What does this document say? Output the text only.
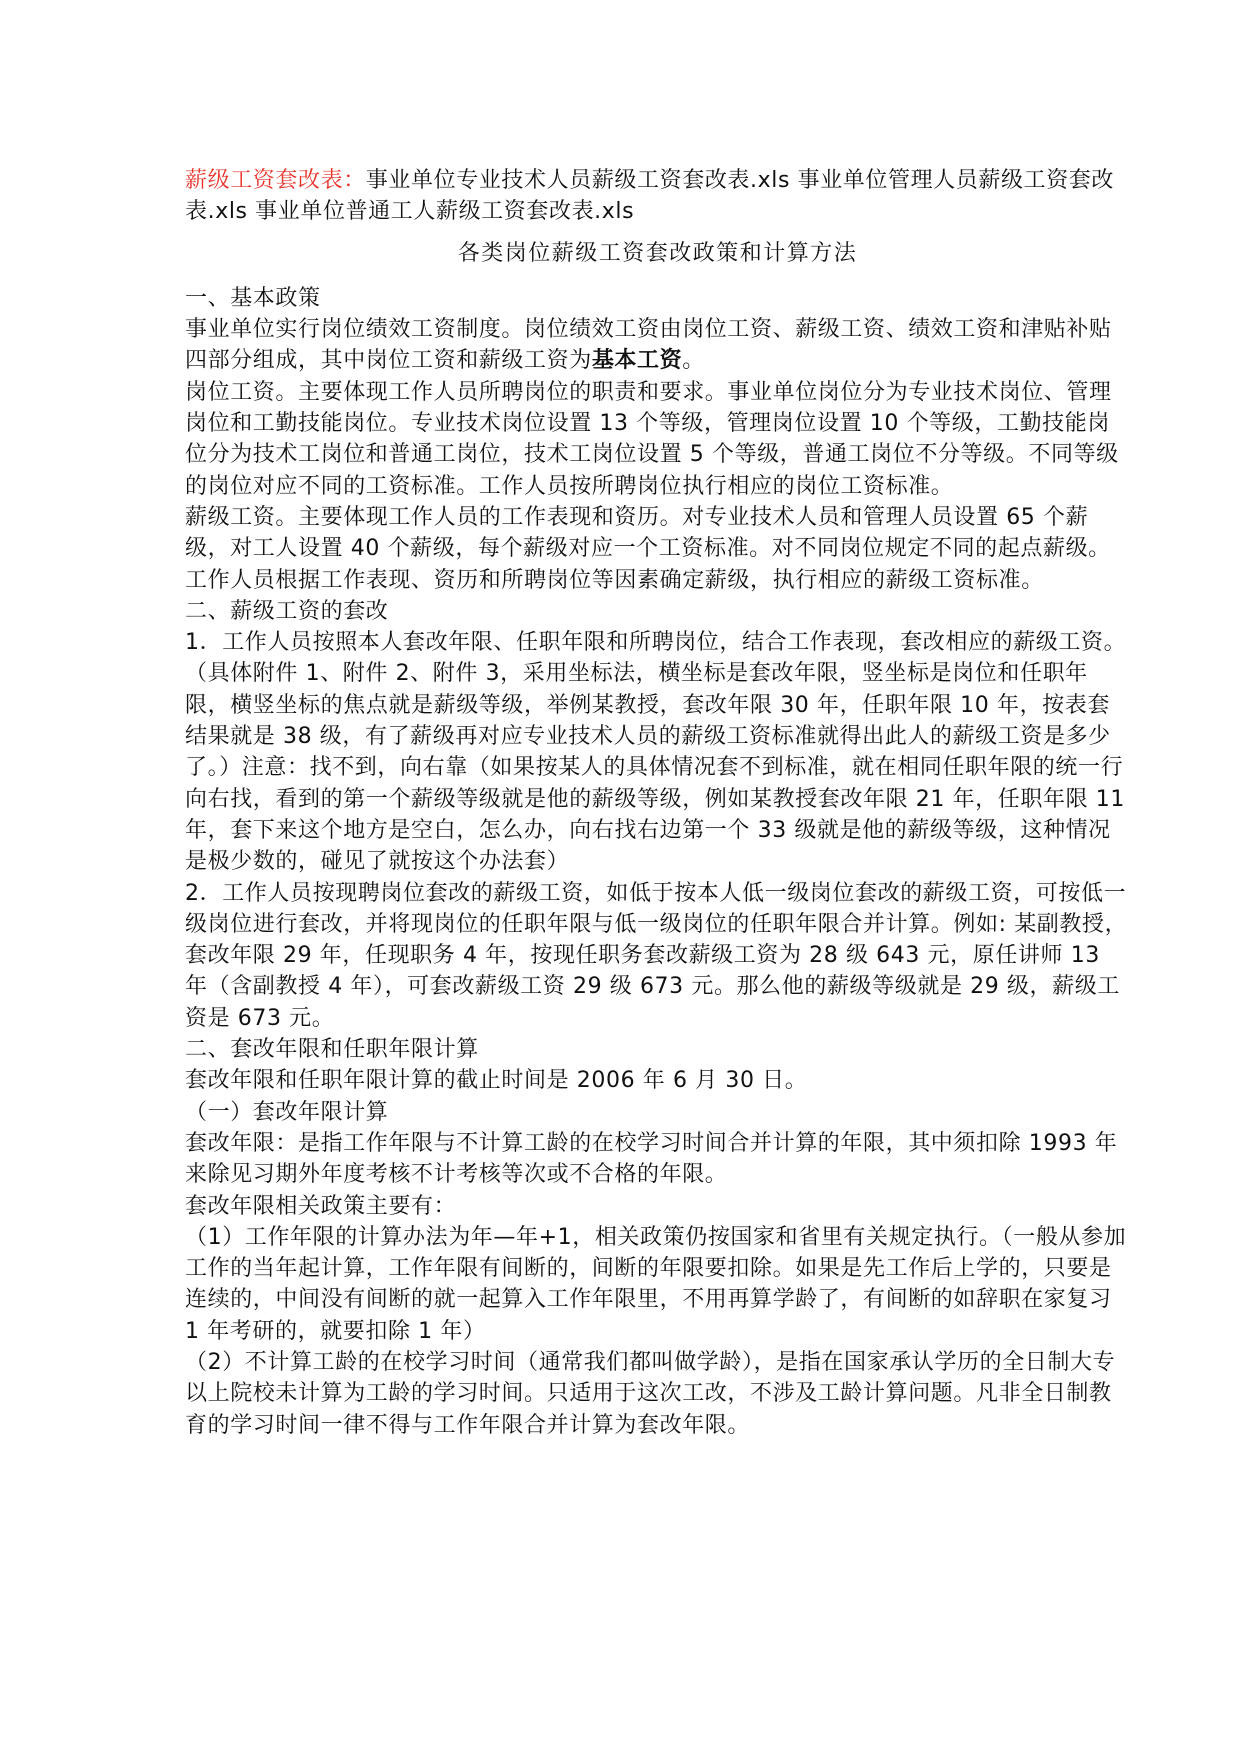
薪级工资套改表：事业单位专业技术人员薪级工资套改表.xls 事业单位管理人员薪级工资套改表.xls 事业单位普通工人薪级工资套改表.xls

各类岗位薪级工资套改政策和计算方法

一、基本政策

事业单位实行岗位绩效工资制度。岗位绩效工资由岗位工资、薪级工资、绩效工资和津贴补贴四部分组成，其中岗位工资和薪级工资为基本工资。

岗位工资。主要体现工作人员所聘岗位的职责和要求。事业单位岗位分为专业技术岗位、管理岗位和工勤技能岗位。专业技术岗位设置 13 个等级，管理岗位设置 10 个等级，工勤技能岗位分为技术工岗位和普通工岗位，技术工岗位设置 5 个等级，普通工岗位不分等级。不同等级的岗位对应不同的工资标准。工作人员按所聘岗位执行相应的岗位工资标准。

薪级工资。主要体现工作人员的工作表现和资历。对专业技术人员和管理人员设置 65 个薪级，对工人设置 40 个薪级，每个薪级对应一个工资标准。对不同岗位规定不同的起点薪级。工作人员根据工作表现、资历和所聘岗位等因素确定薪级，执行相应的薪级工资标准。

二、薪级工资的套改

1．工作人员按照本人套改年限、任职年限和所聘岗位，结合工作表现，套改相应的薪级工资。

（具体附件 1、附件 2、附件 3，采用坐标法，横坐标是套改年限，竖坐标是岗位和任职年限，横竖坐标的焦点就是薪级等级，举例某教授，套改年限 30 年，任职年限 10 年，按表套结果就是 38 级，有了薪级再对应专业技术人员的薪级工资标准就得出此人的薪级工资是多少了。）注意：找不到，向右靠（如果按某人的具体情况套不到标准，就在相同任职年限的统一行向右找，看到的第一个薪级等级就是他的薪级等级，例如某教授套改年限 21 年，任职年限 11 年，套下来这个地方是空白，怎么办，向右找右边第一个 33 级就是他的薪级等级，这种情况是极少数的，碰见了就按这个办法套）

2．工作人员按现聘岗位套改的薪级工资，如低于按本人低一级岗位套改的薪级工资，可按低一级岗位进行套改，并将现岗位的任职年限与低一级岗位的任职年限合并计算。例如: 某副教授，套改年限 29 年，任现职务 4 年，按现任职务套改薪级工资为 28 级 643 元，原任讲师 13 年（含副教授 4 年），可套改薪级工资 29 级 673 元。那么他的薪级等级就是 29 级，薪级工资是 673 元。

二、套改年限和任职年限计算

套改年限和任职年限计算的截止时间是 2006 年 6 月 30 日。

（一）套改年限计算

套改年限：是指工作年限与不计算工龄的在校学习时间合并计算的年限，其中须扣除 1993 年来除见习期外年度考核不计考核等次或不合格的年限。

套改年限相关政策主要有：

（1）工作年限的计算办法为年—年+1，相关政策仍按国家和省里有关规定执行。（一般从参加工作的当年起计算，工作年限有间断的，间断的年限要扣除。如果是先工作后上学的，只要是连续的，中间没有间断的就一起算入工作年限里，不用再算学龄了，有间断的如辞职在家复习 1 年考研的，就要扣除 1 年）

（2）不计算工龄的在校学习时间（通常我们都叫做学龄），是指在国家承认学历的全日制大专以上院校未计算为工龄的学习时间。只适用于这次工改，不涉及工龄计算问题。凡非全日制教育的学习时间一律不得与工作年限合并计算为套改年限。
